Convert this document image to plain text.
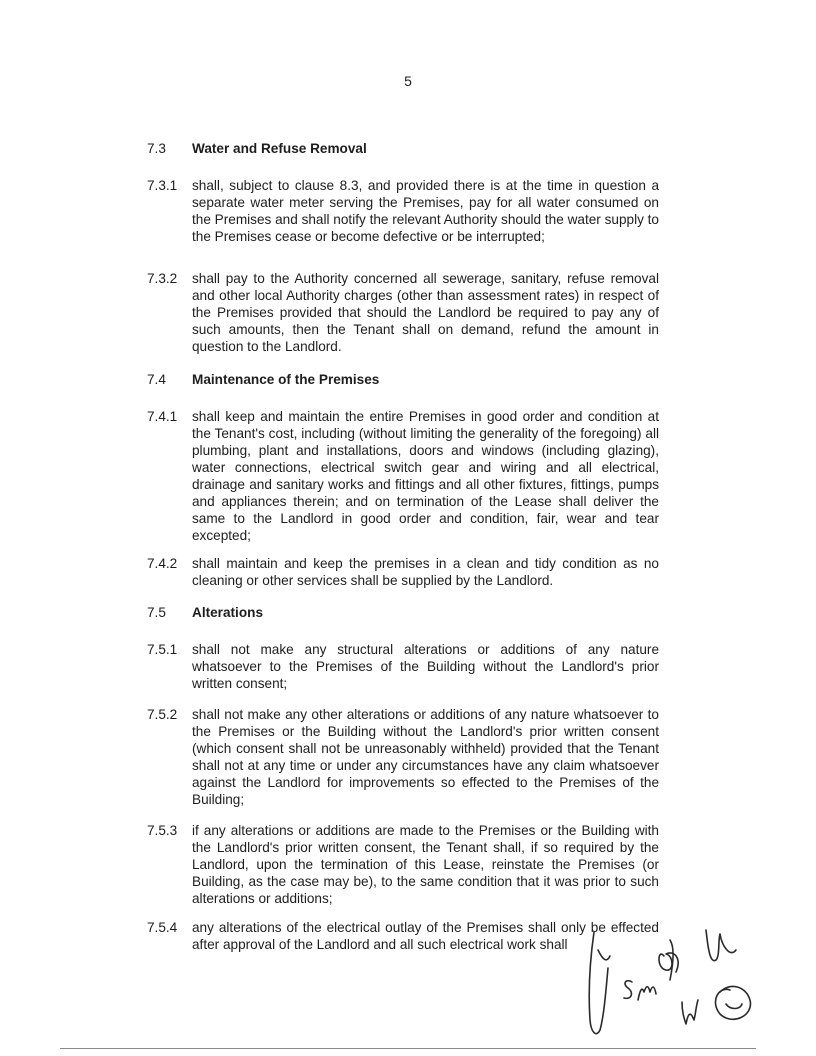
5
7.3 Water and Refuse Removal
7.3.1 shall, subject to clause 8.3, and provided there is at the time in question a separate water meter serving the Premises, pay for all water consumed on the Premises and shall notify the relevant Authority should the water supply to the Premises cease or become defective or be interrupted;
7.3.2 shall pay to the Authority concerned all sewerage, sanitary, refuse removal and other local Authority charges (other than assessment rates) in respect of the Premises provided that should the Landlord be required to pay any of such amounts, then the Tenant shall on demand, refund the amount in question to the Landlord.
7.4 Maintenance of the Premises
7.4.1 shall keep and maintain the entire Premises in good order and condition at the Tenant's cost, including (without limiting the generality of the foregoing) all plumbing, plant and installations, doors and windows (including glazing), water connections, electrical switch gear and wiring and all electrical, drainage and sanitary works and fittings and all other fixtures, fittings, pumps and appliances therein; and on termination of the Lease shall deliver the same to the Landlord in good order and condition, fair, wear and tear excepted;
7.4.2 shall maintain and keep the premises in a clean and tidy condition as no cleaning or other services shall be supplied by the Landlord.
7.5 Alterations
7.5.1 shall not make any structural alterations or additions of any nature whatsoever to the Premises of the Building without the Landlord's prior written consent;
7.5.2 shall not make any other alterations or additions of any nature whatsoever to the Premises or the Building without the Landlord's prior written consent (which consent shall not be unreasonably withheld) provided that the Tenant shall not at any time or under any circumstances have any claim whatsoever against the Landlord for improvements so effected to the Premises of the Building;
7.5.3 if any alterations or additions are made to the Premises or the Building with the Landlord's prior written consent, the Tenant shall, if so required by the Landlord, upon the termination of this Lease, reinstate the Premises (or Building, as the case may be), to the same condition that it was prior to such alterations or additions;
7.5.4 any alterations of the electrical outlay of the Premises shall only be effected after approval of the Landlord and all such electrical work shall
